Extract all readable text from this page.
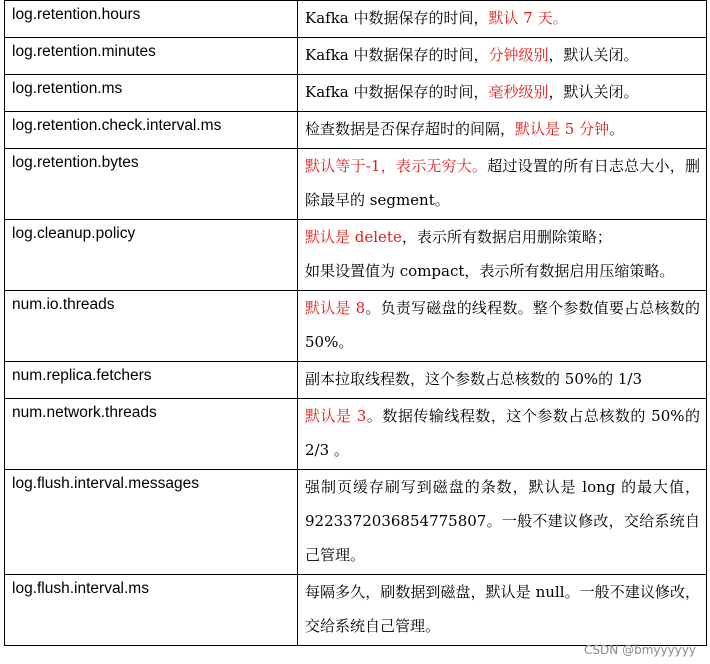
log.retention.hours	Kafka 中数据保存的时间，默认 7 天。
log.retention.minutes	Kafka 中数据保存的时间，分钟级别，默认关闭。
log.retention.ms	Kafka 中数据保存的时间，毫秒级别，默认关闭。
log.retention.check.interval.ms	检查数据是否保存超时的间隔，默认是 5 分钟。
log.retention.bytes	默认等于-1，表示无穷大。超过设置的所有日志总大小，删除最早的 segment。
log.cleanup.policy	默认是 delete，表示所有数据启用删除策略；
如果设置值为 compact，表示所有数据启用压缩策略。
num.io.threads	默认是 8。负责写磁盘的线程数。整个参数值要占总核数的 50%。
num.replica.fetchers	副本拉取线程数，这个参数占总核数的 50%的 1/3
num.network.threads	默认是 3。数据传输线程数，这个参数占总核数的 50%的 2/3 。
log.flush.interval.messages	强制页缓存刷写到磁盘的条数，默认是 long 的最大值，9223372036854775807。一般不建议修改，交给系统自己管理。
log.flush.interval.ms	每隔多久，刷数据到磁盘，默认是 null。一般不建议修改，交给系统自己管理。
CSDN @bmyyyyyy
